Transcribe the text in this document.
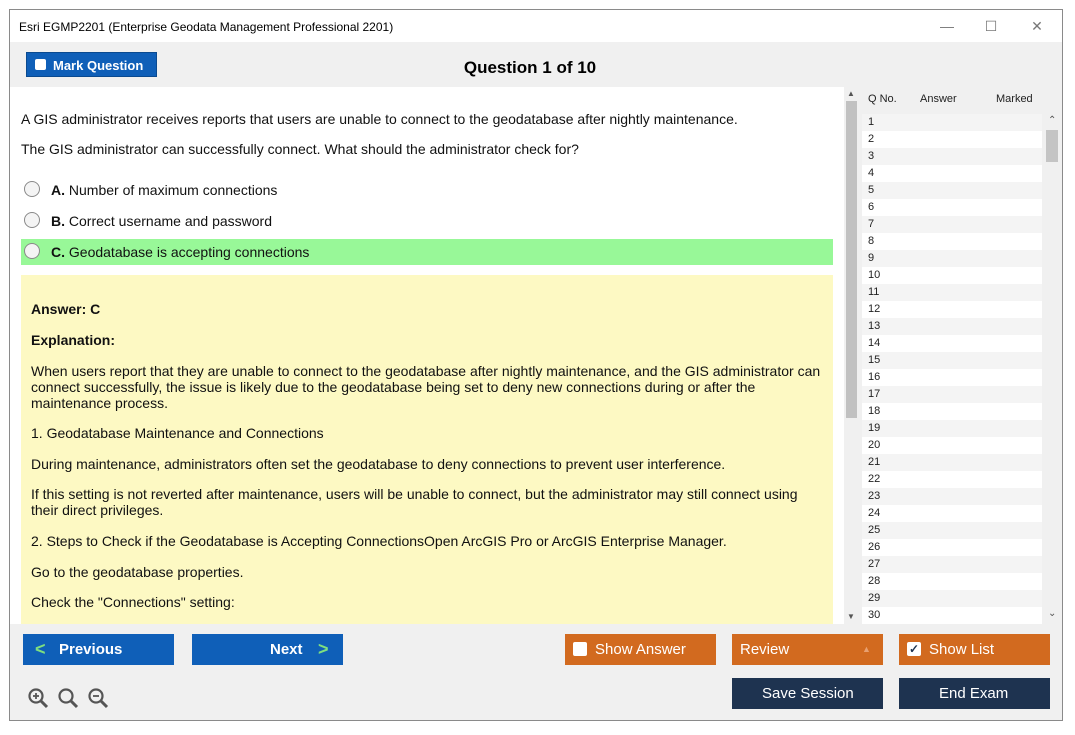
Esri EGMP2201 (Enterprise Geodata Management Professional 2201)	—	☐	✕
Mark Question	Question 1 of 10
A GIS administrator receives reports that users are unable to connect to the geodatabase after nightly maintenance.
The GIS administrator can successfully connect. What should the administrator check for?
A. Number of maximum connections
B. Correct username and password
C. Geodatabase is accepting connections
Answer: C
Explanation:
When users report that they are unable to connect to the geodatabase after nightly maintenance, and the GIS administrator can connect successfully, the issue is likely due to the geodatabase being set to deny new connections during or after the maintenance process.
1. Geodatabase Maintenance and Connections
During maintenance, administrators often set the geodatabase to deny connections to prevent user interference.
If this setting is not reverted after maintenance, users will be unable to connect, but the administrator may still connect using their direct privileges.
2. Steps to Check if the Geodatabase is Accepting ConnectionsOpen ArcGIS Pro or ArcGIS Enterprise Manager.
Go to the geodatabase properties.
Check the "Connections" setting:
▲
▼
Q No. Answer	Marked
1
2
3
4
5
6
7
8
9
10
11
12
13
14
15
16
17
18
19
20
21
22
23
24
25
26
27
28
29
30
⌃
⌄
< Previous	Next >	Show Answer	Review	▲	✓ Show List
Save Session	End Exam
